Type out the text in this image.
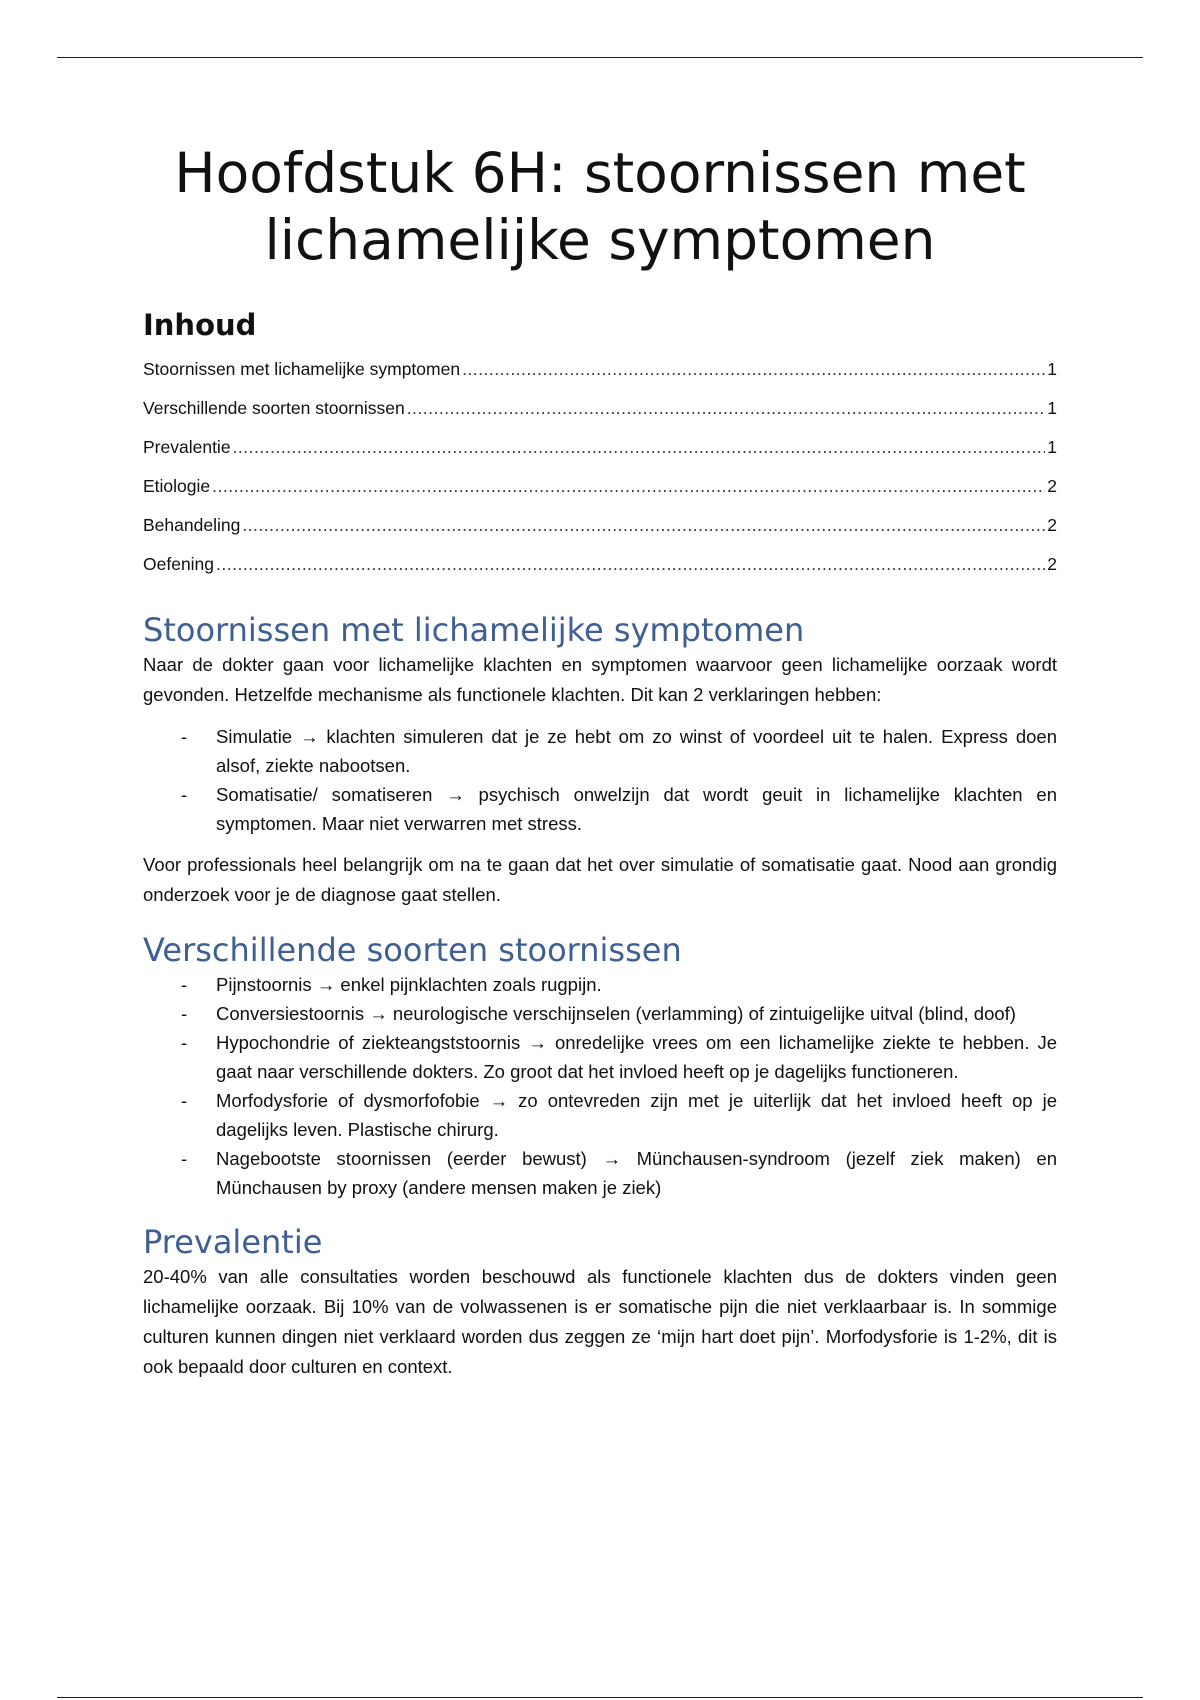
Hoofdstuk 6H: stoornissen met
lichamelijke symptomen
Inhoud
Stoornissen met lichamelijke symptomen .....	1
Verschillende soorten stoornissen .....	1
Prevalentie .....	1
Etiologie .....	2
Behandeling .....	2
Oefening .....	2
Stoornissen met lichamelijke symptomen

Naar de dokter gaan voor lichamelijke klachten en symptomen waarvoor geen lichamelijke oorzaak wordt gevonden. Hetzelfde mechanisme als functionele klachten. Dit kan 2 verklaringen hebben:

- Simulatie → klachten simuleren dat je ze hebt om zo winst of voordeel uit te halen. Express doen alsof, ziekte nabootsen.
- Somatisatie/ somatiseren → psychisch onwelzijn dat wordt geuit in lichamelijke klachten en symptomen. Maar niet verwarren met stress.

Voor professionals heel belangrijk om na te gaan dat het over simulatie of somatisatie gaat. Nood aan grondig onderzoek voor je de diagnose gaat stellen.

Verschillende soorten stoornissen
- Pijnstoornis → enkel pijnklachten zoals rugpijn.
- Conversiestoornis → neurologische verschijnselen (verlamming) of zintuigelijke uitval (blind, doof)
- Hypochondrie of ziekteangststoornis → onredelijke vrees om een lichamelijke ziekte te hebben. Je gaat naar verschillende dokters. Zo groot dat het invloed heeft op je dagelijks functioneren.
- Morfodysforie of dysmorfofobie → zo ontevreden zijn met je uiterlijk dat het invloed heeft op je dagelijks leven. Plastische chirurg.
- Nagebootste stoornissen (eerder bewust) → Münchausen-syndroom (jezelf ziek maken) en Münchausen by proxy (andere mensen maken je ziek)
Prevalentie

20-40% van alle consultaties worden beschouwd als functionele klachten dus de dokters vinden geen lichamelijke oorzaak. Bij 10% van de volwassenen is er somatische pijn die niet verklaarbaar is. In sommige culturen kunnen dingen niet verklaard worden dus zeggen ze ‘mijn hart doet pijn’. Morfodysforie is 1-2%, dit is ook bepaald door culturen en context.
